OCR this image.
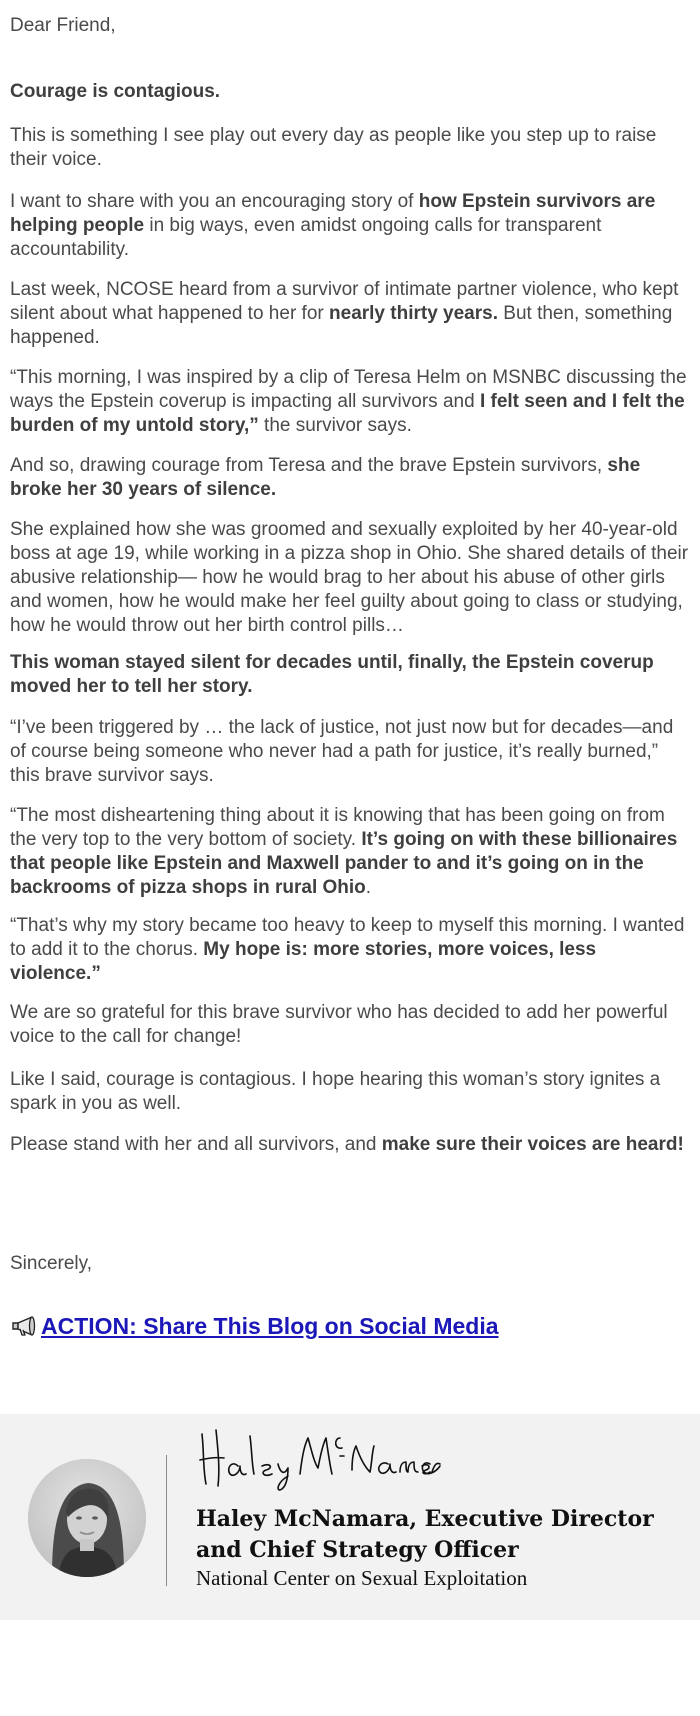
Dear Friend,

Courage is contagious.

This is something I see play out every day as people like you step up to raise their voice.

I want to share with you an encouraging story of how Epstein survivors are helping people in big ways, even amidst ongoing calls for transparent accountability.

Last week, NCOSE heard from a survivor of intimate partner violence, who kept silent about what happened to her for nearly thirty years. But then, something happened.

“This morning, I was inspired by a clip of Teresa Helm on MSNBC discussing the ways the Epstein coverup is impacting all survivors and I felt seen and I felt the burden of my untold story,” the survivor says.

And so, drawing courage from Teresa and the brave Epstein survivors, she broke her 30 years of silence.

She explained how she was groomed and sexually exploited by her 40-year-old boss at age 19, while working in a pizza shop in Ohio. She shared details of their abusive relationship— how he would brag to her about his abuse of other girls and women, how he would make her feel guilty about going to class or studying, how he would throw out her birth control pills…

This woman stayed silent for decades until, finally, the Epstein coverup moved her to tell her story.

“I’ve been triggered by … the lack of justice, not just now but for decades—and of course being someone who never had a path for justice, it’s really burned,” this brave survivor says.

“The most disheartening thing about it is knowing that has been going on from the very top to the very bottom of society. It’s going on with these billionaires that people like Epstein and Maxwell pander to and it’s going on in the backrooms of pizza shops in rural Ohio.

“That’s why my story became too heavy to keep to myself this morning. I wanted to add it to the chorus. My hope is: more stories, more voices, less violence.”

We are so grateful for this brave survivor who has decided to add her powerful voice to the call for change!

Like I said, courage is contagious. I hope hearing this woman’s story ignites a spark in you as well.

Please stand with her and all survivors, and make sure their voices are heard!

ACTION: Share This Blog on Social Media

Sincerely,

Haley McNamara, Executive Director and Chief Strategy Officer
National Center on Sexual Exploitation
